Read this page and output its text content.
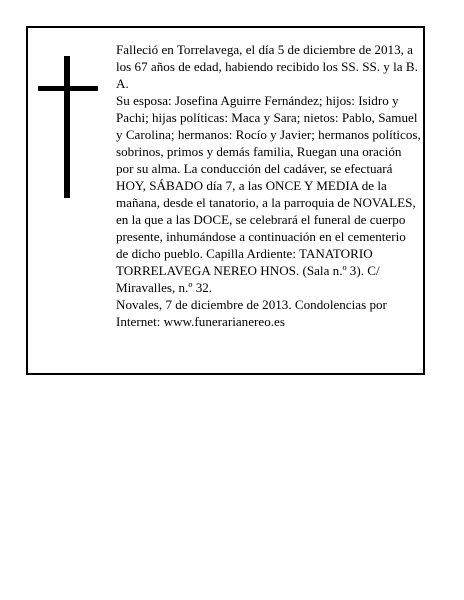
Falleció en Torrelavega, el día 5 de diciembre de 2013, a los 67 años de edad, habiendo recibido los SS. SS. y la B. A.

Su esposa: Josefina Aguirre Fernández; hijos: Isidro y Pachi; hijas políticas: Maca y Sara; nietos: Pablo, Samuel y Carolina; hermanos: Rocío y Javier; hermanos políticos, sobrinos, primos y demás familia, Ruegan una oración por su alma. La conducción del cadáver, se efectuará HOY, SÁBADO día 7, a las ONCE Y MEDIA de la mañana, desde el tanatorio, a la parroquia de NOVALES, en la que a las DOCE, se celebrará el funeral de cuerpo presente, inhumándose a continuación en el cementerio de dicho pueblo. Capilla Ardiente: TANATORIO TORRELAVEGA NEREO HNOS. (Sala n.º 3). C/ Miravalles, n.º 32.

Novales, 7 de diciembre de 2013. Condolencias por Internet: www.funerarianereo.es
